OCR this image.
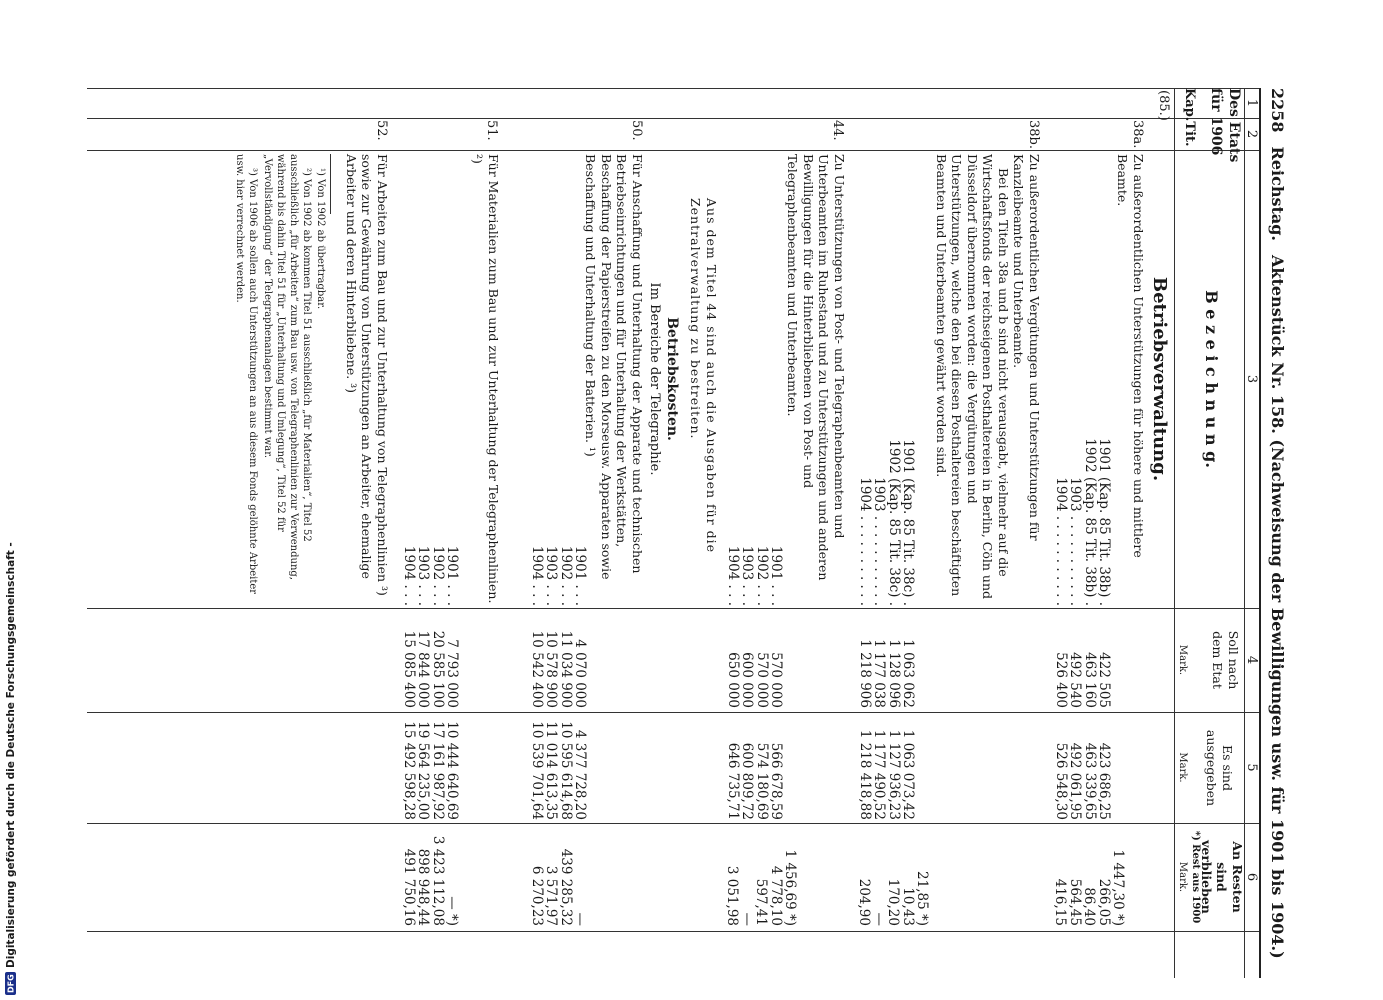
DFG
Digitalisierung gefördert durch die Deutsche Forschungsgemeinschaft -
2258
Reichstag.
Aktenstück Nr. 158. (Nachweisung der Bewilligungen usw. für 1901 bis 1904.)
1
2
3
4
5
6
Des Etats
für 1906
Kap.
Tit.
B e z e i c h n u n g.
Soll nach dem Etat
Mark.
Es sind ausgegeben
Mark.
An Resten sind verblieben
*) Rest aus 1900
Mark.
(85.)
Betriebsverwaltung.
38a.
Zu außerordentlichen Unterstützungen für höhere und mittlere Beamte.
1901 (Kap. 85 Tit. 38b) .
1902 (Kap. 85 Tit. 38b) .
1903 . . . . . . . . . . .
1904 . . . . . . . . . . .
422 505
463 160
492 540
526 400
423 686,25
463 339,65
492 061,95
526 548,30
1 447,30 *)
266,05
86,40
564,45
416,15
38b.
Zu außerordentlichen Vergütungen und Unterstützungen für Kanzleibeamte und Unterbeamte.
Bei den Titeln 38a und b sind nicht verausgabt, vielmehr auf die Wirtschaftsfonds der reichseigenen Posthaltereien in Berlin, Cöln und Düsseldorf übernommen worden: die Vergütungen und Unterstützungen, welche den bei diesen Posthaltereien beschäftigten Beamten und Unterbeamten gewährt worden sind.
1901 (Kap. 85 Tit. 38c) .
1902 (Kap. 85 Tit. 38c) .
1903 . . . . . . . . . . .
1904 . . . . . . . . . . .
1 063 062
1 128 096
1 177 038
1 218 906
1 063 073,42
1 127 936,23
1 177 490,52
1 218 418,88
21,85 *)
10,43
170,20
—
204,90
44.
Zu Unterstützungen von Post- und Telegraphenbeamten und Unterbeamten im Ruhestand und zu Unterstützungen und anderen Bewilligungen für die Hinterbliebenen von Post- und Telegraphenbeamten und Unterbeamten.
1901 . . .
1902 . . .
1903 . . .
1904 . . .
570 000
570 000
600 000
650 000
566 678,59
574 180,69
600 809,72
646 735,71
1 456,69 *)
4 778,10
597,41
—
3 051,98
Aus dem Titel 44 sind auch die Ausgaben für die Zentralverwaltung zu bestreiten.
Betriebskosten.
Im Bereiche der Telegraphie.
50.
Für Anschaffung und Unterhaltung der Apparate und technischen Betriebseinrichtungen und für Unterhaltung der Werkstätten, Beschaffung der Papierstreifen zu den Morseusw. Apparaten sowie Beschaffung und Unterhaltung der Batterien. ¹)
1901 . . .
1902 . . .
1903 . . .
1904 . . .
4 070 000
11 034 900
10 578 900
10 542 400
4 377 728,20
10 595 614,68
11 014 613,35
10 539 701,64
—
439 285,32
3 571,97
6 270,23
51.
Für Materialien zum Bau und zur Unterhaltung der Telegraphenlinien. ²)
1901 . . .
1902 . . .
1903 . . .
1904 . . .
7 793 000
20 585 100
17 844 000
15 085 400
10 444 640,69
17 161 987,92
19 564 235,00
15 492 598,28
— *)
3 423 112,08
898 948,44
491 750,16
52.
Für Arbeiten zum Bau und zur Unterhaltung von Telegraphenlinien ³) sowie zur Gewährung von Unterstützungen an Arbeiter, ehemalige Arbeiter und deren Hinterbliebene. ³)
¹) Von 1902 ab übertragbar.
²) Von 1902 ab kommen Titel 51 ausschließlich „für Materialien“, Titel 52 ausschließlich „für Arbeiten“ zum Bau usw. von Telegraphenlinien zur Verwendung, während bis dahin Titel 51 für „Unterhaltung und Umlegung“, Titel 52 für „Vervollständigung“ der Telegraphenanlagen bestimmt war.
³) Von 1906 ab sollen auch Unterstützungen an aus diesem Fonds gelöhnte Arbeiter usw. hier verrechnet werden.
